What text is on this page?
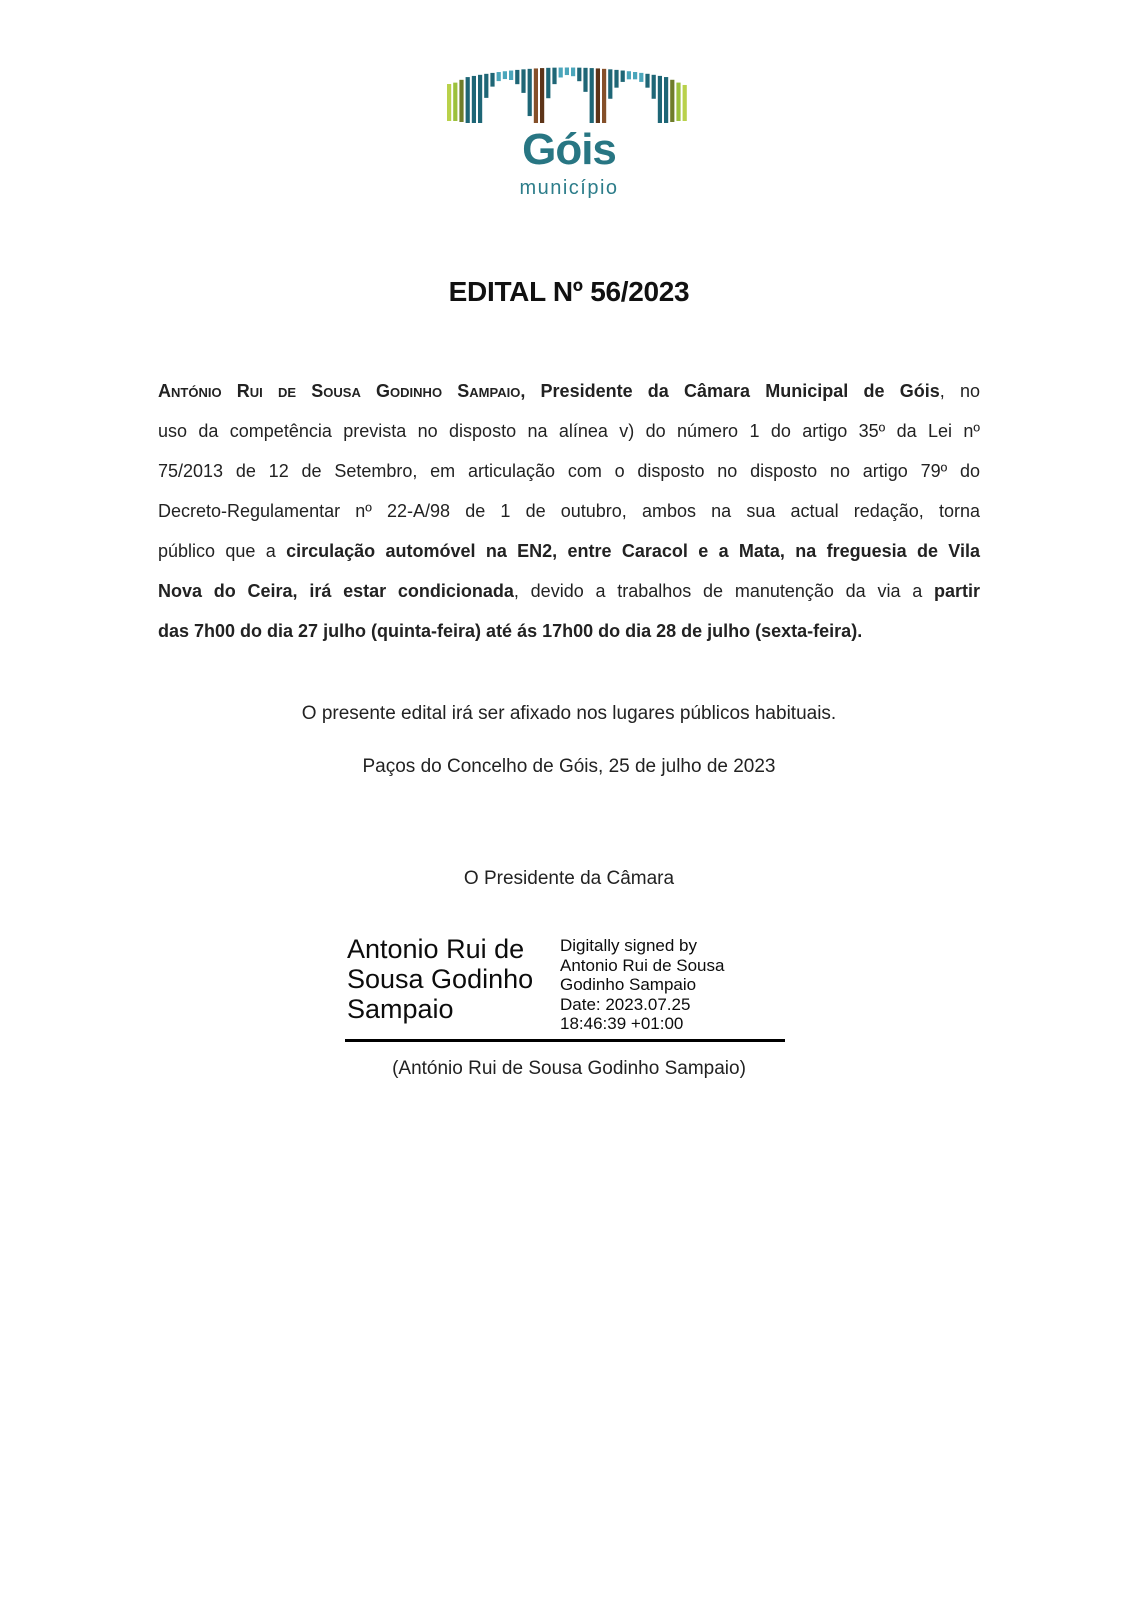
Góis
município
EDITAL Nº 56/2023
António Rui de Sousa Godinho Sampaio, Presidente da Câmara Municipal de Góis, no
uso da competência prevista no disposto na alínea v) do número 1 do artigo 35º da Lei nº
75/2013 de 12 de Setembro, em articulação com o disposto no disposto no artigo 79º do
Decreto-Regulamentar nº 22-A/98 de 1 de outubro, ambos na sua actual redação, torna
público que a circulação automóvel na EN2, entre Caracol e a Mata, na freguesia de Vila
Nova do Ceira, irá estar condicionada, devido a trabalhos de manutenção da via a partir
das 7h00 do dia 27 julho (quinta-feira) até ás 17h00 do dia 28 de julho (sexta-feira).
O presente edital irá ser afixado nos lugares públicos habituais.
Paços do Concelho de Góis, 25 de julho de 2023
O Presidente da Câmara
Antonio Rui de
Sousa Godinho
Sampaio
Digitally signed by
Antonio Rui de Sousa
Godinho Sampaio
Date: 2023.07.25
18:46:39 +01:00
(António Rui de Sousa Godinho Sampaio)
